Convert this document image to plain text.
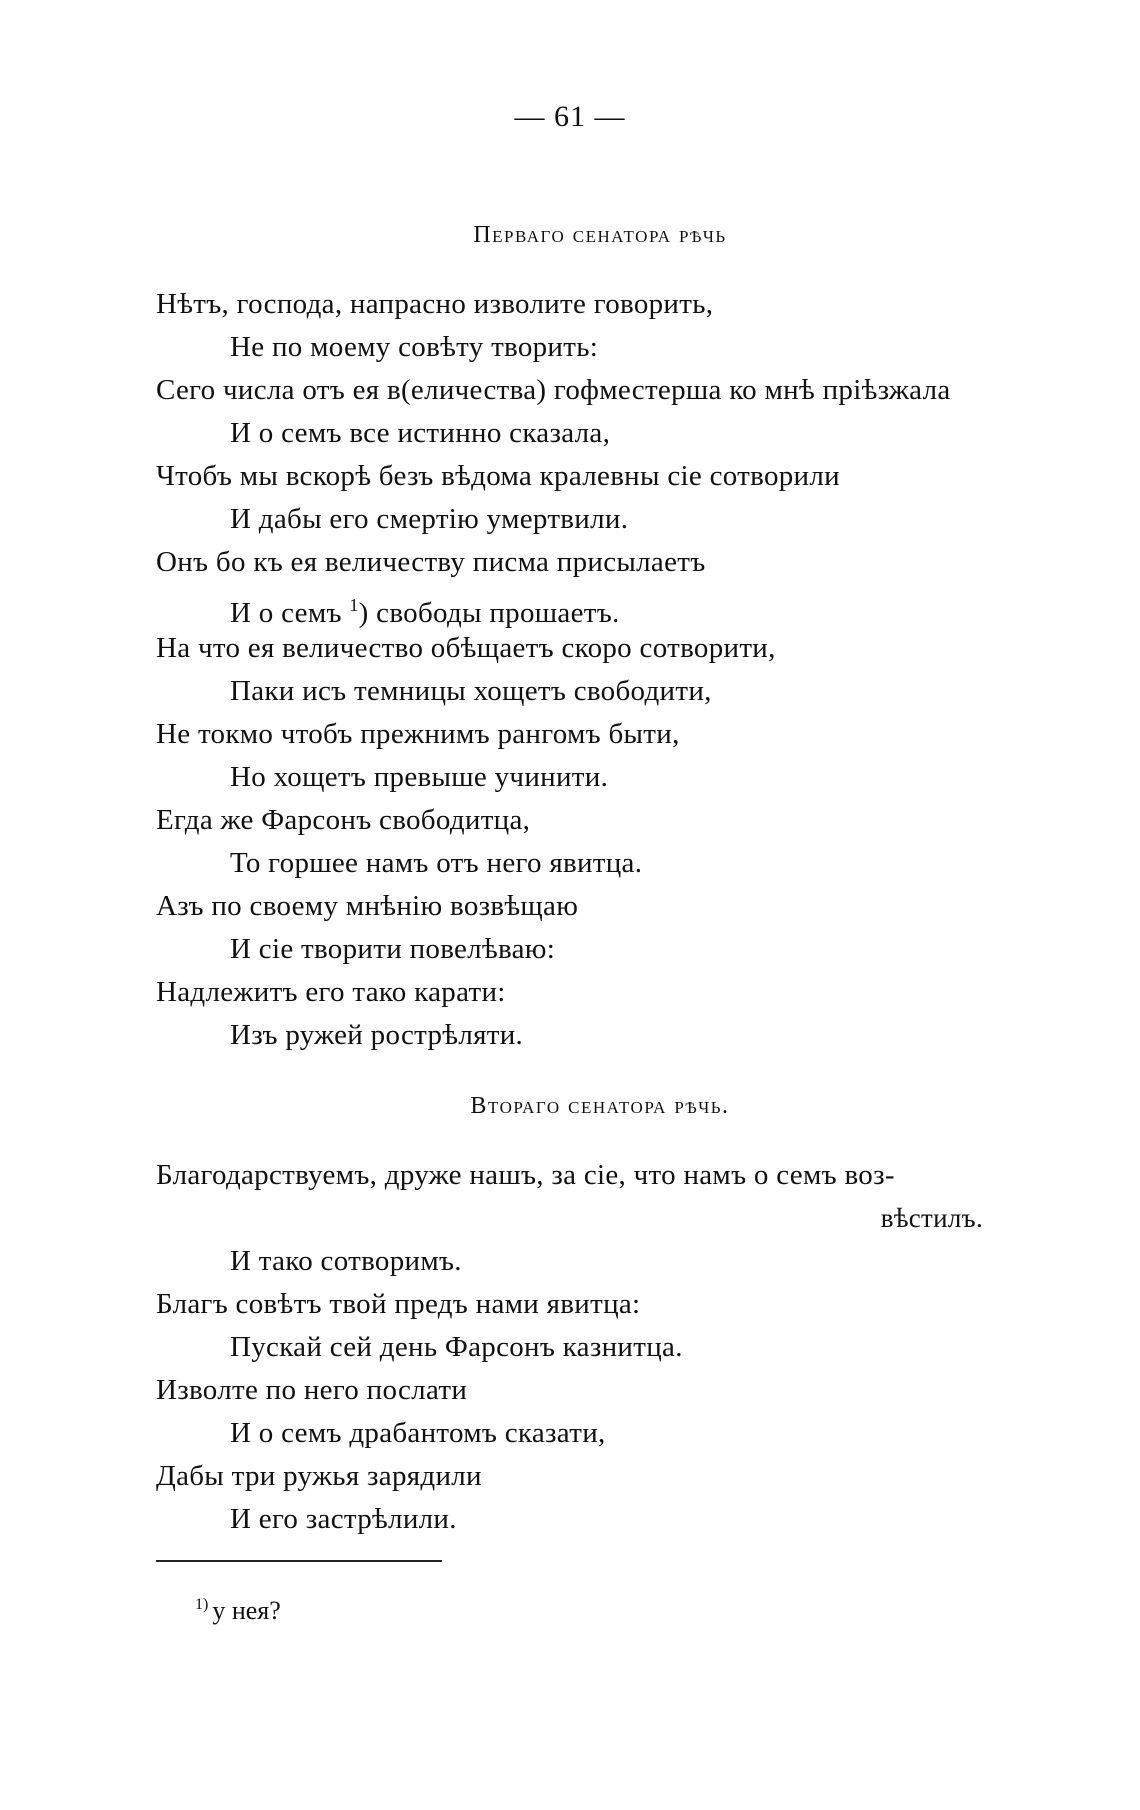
— 61 —
Перваго сенатора рѣчь
Нѣтъ, господа, напрасно изволите говорить,
Не по моему совѣту творить:
Сего числа отъ ея в(еличества) гофместерша ко мнѣ пріѣзжала
И о семъ все истинно сказала,
Чтобъ мы вскорѣ безъ вѣдома кралевны сіе сотворили
И дабы его смертію умертвили.
Онъ бо къ ея величеству писма присылаетъ
И о семъ $^1$) свободы прошаетъ.
На что ея величество обѣщаетъ скоро сотворити,
Паки исъ темницы хощетъ свободити,
Не токмо чтобъ прежнимъ рангомъ быти,
Но хощетъ превыше учинити.
Егда же Фарсонъ свободитца,
То горшее намъ отъ него явитца.
Азъ по своему мнѣнію возвѣщаю
И сіе творити повелѣваю:
Надлежитъ его тако карати:
Изъ ружей рострѣляти.
Втораго сенатора рѣчь.
Благодарствуемъ, друже нашъ, за сіе, что намъ о семъ воз-
вѣстилъ.
И тако сотворимъ.
Благъ совѣтъ твой предъ нами явитца:
Пускай сей день Фарсонъ казнитца.
Изволте по него послати
И о семъ драбантомъ сказати,
Дабы три ружья зарядили
И его застрѣлили.
$^{1)}$ у нея?
